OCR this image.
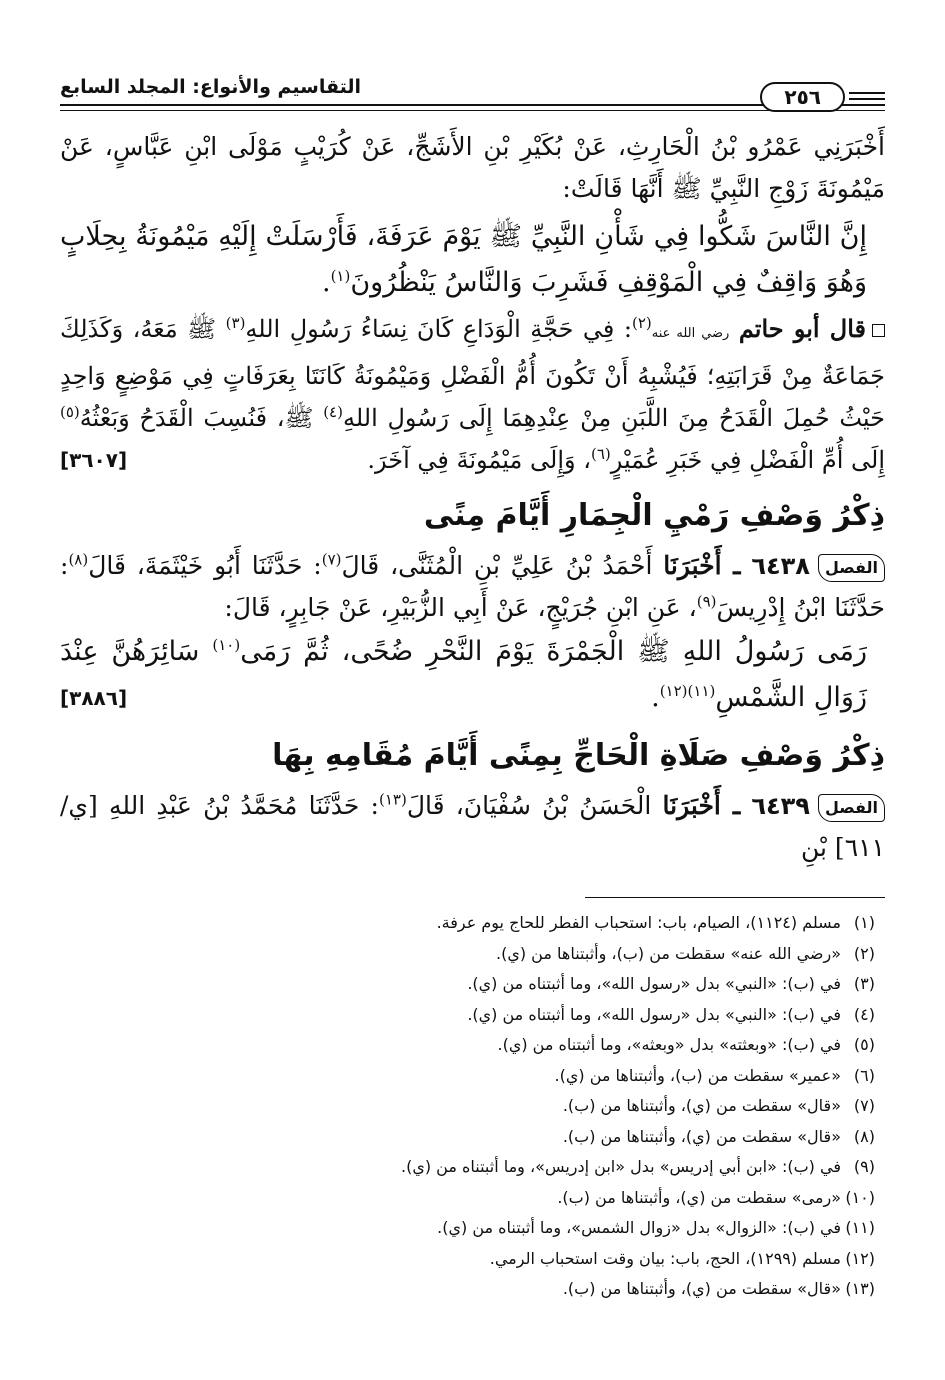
٢٥٦
التقاسيم والأنواع: المجلد السابع

أَخْبَرَنِي عَمْرُو بْنُ الْحَارِثِ، عَنْ بُكَيْرِ بْنِ الأَشَجِّ، عَنْ كُرَيْبٍ مَوْلَى ابْنِ عَبَّاسٍ، عَنْ مَيْمُونَةَ زَوْجِ النَّبِيِّ ﷺ أَنَّهَا قَالَتْ:

إِنَّ النَّاسَ شَكُّوا فِي شَأْنِ النَّبِيِّ ﷺ يَوْمَ عَرَفَةَ، فَأَرْسَلَتْ إِلَيْهِ مَيْمُونَةُ بِحِلَابٍ وَهُوَ وَاقِفٌ فِي الْمَوْقِفِ فَشَرِبَ وَالنَّاسُ يَنْظُرُونَ$^{(١)}$.

قال أبو حاتم رضي الله عنه$^{(٢)}$: فِي حَجَّةِ الْوَدَاعِ كَانَ نِسَاءُ رَسُولِ اللهِ$^{(٣)}$ ﷺ مَعَهُ، وَكَذَلِكَ جَمَاعَةٌ مِنْ قَرَابَتِهِ؛ فَيُشْبِهُ أَنْ تَكُونَ أُمُّ الْفَضْلِ وَمَيْمُونَةُ كَانَتَا بِعَرَفَاتٍ فِي مَوْضِعٍ وَاحِدٍ حَيْثُ حُمِلَ الْقَدَحُ مِنَ اللَّبَنِ مِنْ عِنْدِهِمَا إِلَى رَسُولِ اللهِ$^{(٤)}$ ﷺ، فَنُسِبَ الْقَدَحُ وَبَعْثُهُ$^{(٥)}$ إِلَى أُمِّ الْفَضْلِ فِي خَبَرِ عُمَيْرٍ$^{(٦)}$، وَإِلَى مَيْمُونَةَ فِي آخَرَ.
[٣٦٠٧]

ذِكْرُ وَصْفِ رَمْيِ الْجِمَارِ أَيَّامَ مِنًى

الفصل٦٤٣٨ ـ أَخْبَرَنَا أَحْمَدُ بْنُ عَلِيِّ بْنِ الْمُثَنَّى، قَالَ$^{(٧)}$: حَدَّثَنَا أَبُو خَيْثَمَةَ، قَالَ$^{(٨)}$: حَدَّثَنَا ابْنُ إِدْرِيسَ$^{(٩)}$، عَنِ ابْنِ جُرَيْجٍ، عَنْ أَبِي الزُّبَيْرِ، عَنْ جَابِرٍ، قَالَ:

رَمَى رَسُولُ اللهِ ﷺ الْجَمْرَةَ يَوْمَ النَّحْرِ ضُحًى، ثُمَّ رَمَى$^{(١٠)}$ سَائِرَهُنَّ عِنْدَ زَوَالِ الشَّمْسِ$^{(١١)(١٢)}$.
[٣٨٨٦]

ذِكْرُ وَصْفِ صَلَاةِ الْحَاجِّ بِمِنًى أَيَّامَ مُقَامِهِ بِهَا

الفصل٦٤٣٩ ـ أَخْبَرَنَا الْحَسَنُ بْنُ سُفْيَانَ، قَالَ$^{(١٣)}$: حَدَّثَنَا مُحَمَّدُ بْنُ عَبْدِ اللهِ [ي/٦١١] بْنِ

(١)مسلم (١١٢٤)، الصيام، باب: استحباب الفطر للحاج يوم عرفة.
(٢)«رضي الله عنه» سقطت من (ب)، وأثبتناها من (ي).
(٣)في (ب): «النبي» بدل «رسول الله»، وما أثبتناه من (ي).
(٤)في (ب): «النبي» بدل «رسول الله»، وما أثبتناه من (ي).
(٥)في (ب): «وبعثته» بدل «وبعثه»، وما أثبتناه من (ي).
(٦)«عمير» سقطت من (ب)، وأثبتناها من (ي).
(٧)«قال» سقطت من (ي)، وأثبتناها من (ب).
(٨)«قال» سقطت من (ي)، وأثبتناها من (ب).
(٩)في (ب): «ابن أبي إدريس» بدل «ابن إدريس»، وما أثبتناه من (ي).
(١٠)«رمى» سقطت من (ي)، وأثبتناها من (ب).
(١١)في (ب): «الزوال» بدل «زوال الشمس»، وما أثبتناه من (ي).
(١٢)مسلم (١٢٩٩)، الحج، باب: بيان وقت استحباب الرمي.
(١٣)«قال» سقطت من (ي)، وأثبتناها من (ب).
